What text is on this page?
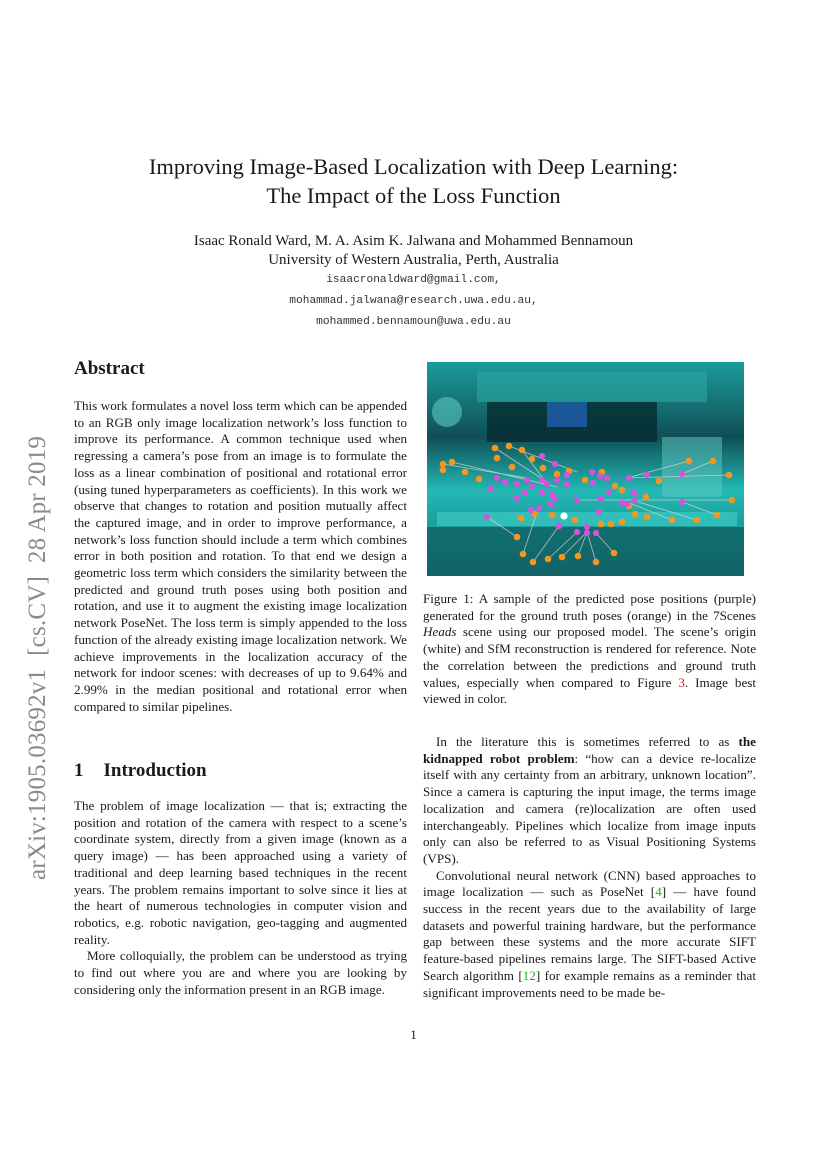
Improving Image-Based Localization with Deep Learning:
The Impact of the Loss Function
Isaac Ronald Ward, M. A. Asim K. Jalwana and Mohammed Bennamoun
University of Western Australia, Perth, Australia
isaacronaldward@gmail.com,
mohammad.jalwana@research.uwa.edu.au,
mohammed.bennamoun@uwa.edu.au
arXiv:1905.03692v1  [cs.CV]  28 Apr 2019
Abstract

This work formulates a novel loss term which can be appended to an RGB only image localization network’s loss function to improve its performance. A common technique used when regressing a camera’s pose from an image is to formulate the loss as a linear combination of positional and rotational error (using tuned hyperparameters as coefficients). In this work we observe that changes to rotation and position mutually affect the captured image, and in order to improve performance, a network’s loss function should include a term which combines error in both position and rotation. To that end we design a geometric loss term which considers the similarity between the predicted and ground truth poses using both position and rotation, and use it to augment the existing image localization network PoseNet. The loss term is simply appended to the loss function of the already existing image localization network. We achieve improvements in the localization accuracy of the network for indoor scenes: with decreases of up to 9.64% and 2.99% in the median positional and rotational error when compared to similar pipelines.

1 Introduction

The problem of image localization — that is; extracting the position and rotation of the camera with respect to a scene’s coordinate system, directly from a given image (known as a query image) — has been approached using a variety of traditional and deep learning based techniques in the recent years. The problem remains important to solve since it lies at the heart of numerous technologies in computer vision and robotics, e.g. robotic navigation, geo-tagging and augmented reality.

More colloquially, the problem can be understood as trying to find out where you are and where you are looking by considering only the information present in an RGB image.

Figure 1: A sample of the predicted pose positions (purple) generated for the ground truth poses (orange) in the 7Scenes Heads scene using our proposed model. The scene’s origin (white) and SfM reconstruction is rendered for reference. Note the correlation between the predictions and ground truth values, especially when compared to Figure 3. Image best viewed in color.

In the literature this is sometimes referred to as the kidnapped robot problem: “how can a device re-localize itself with any certainty from an arbitrary, unknown location”. Since a camera is capturing the input image, the terms image localization and camera (re)localization are often used interchangeably. Pipelines which localize from image inputs only can also be referred to as Visual Positioning Systems (VPS).

Convolutional neural network (CNN) based approaches to image localization — such as PoseNet [4] — have found success in the recent years due to the availability of large datasets and powerful training hardware, but the performance gap between these systems and the more accurate SIFT feature-based pipelines remains large. The SIFT-based Active Search algorithm [12] for example remains as a reminder that significant improvements need to be made be-

1
